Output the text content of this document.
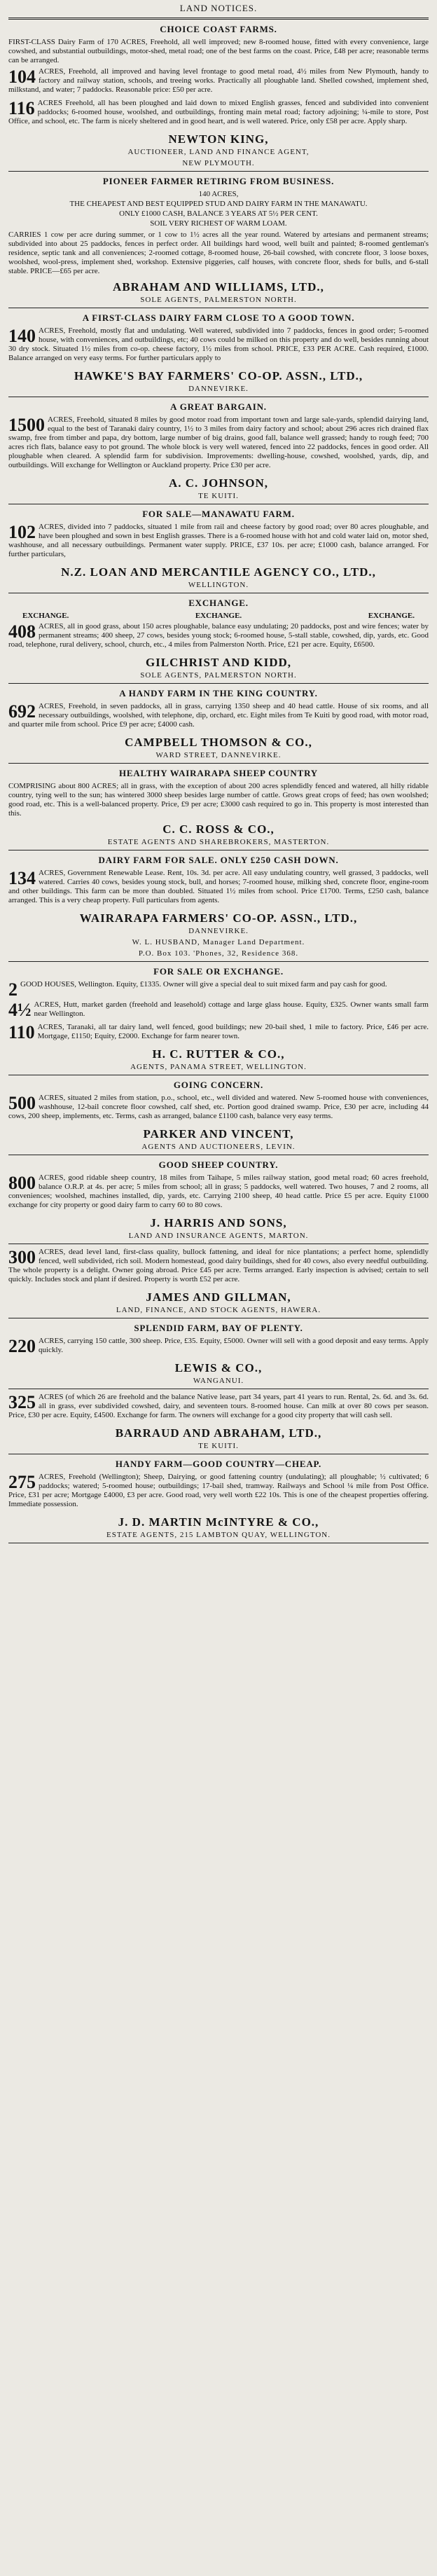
LAND NOTICES.
CHOICE COAST FARMS.

FIRST-CLASS Dairy Farm of 170 ACRES, Freehold, all well improved; new 8-roomed house, fitted with every convenience, large cowshed, and substantial outbuildings, motor-shed, metal road; one of the best farms on the coast. Price, £48 per acre; reasonable terms can be arranged.

104 ACRES, Freehold, all improved and having level frontage to good metal road, 4½ miles from New Plymouth, handy to factory and railway station, schools, and treeing works. Practically all ploughable land. Shelled cowshed, implement shed, milkstand, and water; 7 paddocks. Reasonable price: £50 per acre.

116 ACRES Freehold, all has been ploughed and laid down to mixed English grasses, fenced and subdivided into convenient paddocks; 6-roomed house, woolshed, and outbuildings, fronting main metal road; factory adjoining; ¼-mile to store, Post Office, and school, etc. The farm is nicely sheltered and in good heart, and is well watered. Price, only £58 per acre. Apply sharp.

NEWTON KING,
AUCTIONEER, LAND AND FINANCE AGENT,
NEW PLYMOUTH.
PIONEER FARMER RETIRING FROM BUSINESS.
140 ACRES,
THE CHEAPEST AND BEST EQUIPPED STUD AND DAIRY FARM IN THE MANAWATU.
ONLY £1000 CASH, BALANCE 3 YEARS AT 5½ PER CENT.
SOIL VERY RICHEST OF WARM LOAM.

CARRIES 1 cow per acre during summer, or 1 cow to 1½ acres all the year round. Watered by artesians and permanent streams; subdivided into about 25 paddocks, fences in perfect order. All buildings hard wood, well built and painted; 8-roomed gentleman's residence, septic tank and all conveniences; 2-roomed cottage, 8-roomed house, 26-bail cowshed, with concrete floor, 3 loose boxes, woolshed, wool-press, implement shed, workshop. Extensive piggeries, calf houses, with concrete floor, sheds for bulls, and 6-stall stable. PRICE—£65 per acre.

ABRAHAM AND WILLIAMS, LTD.,
SOLE AGENTS, PALMERSTON NORTH.
A FIRST-CLASS DAIRY FARM CLOSE TO A GOOD TOWN.

140 ACRES, Freehold, mostly flat and undulating. Well watered, subdivided into 7 paddocks, fences in good order; 5-roomed house, with conveniences, and outbuildings, etc; 40 cows could be milked on this property and do well, besides running about 30 dry stock. Situated 1½ miles from co-op. cheese factory, 1½ miles from school. PRICE, £33 PER ACRE. Cash required, £1000. Balance arranged on very easy terms. For further particulars apply to

HAWKE'S BAY FARMERS' CO-OP. ASSN., LTD.,
DANNEVIRKE.
A GREAT BARGAIN.

1500 ACRES, Freehold, situated 8 miles by good motor road from important town and large sale-yards, splendid dairying land, equal to the best of Taranaki dairy country, 1½ to 3 miles from dairy factory and school; about 296 acres rich drained flax swamp, free from timber and papa, dry bottom, large number of big drains, good fall, balance well grassed; handy to rough feed; 700 acres rich flats, balance easy to pot ground. The whole block is very well watered, fenced into 22 paddocks, fences in good order. All ploughable when cleared. A splendid farm for subdivision. Improvements: dwelling-house, cowshed, woolshed, yards, dip, and outbuildings. Will exchange for Wellington or Auckland property. Price £30 per acre.

A. C. JOHNSON,
TE KUITI.
FOR SALE—MANAWATU FARM.

102 ACRES, divided into 7 paddocks, situated 1 mile from rail and cheese factory by good road; over 80 acres ploughable, and have been ploughed and sown in best English grasses. There is a 6-roomed house with hot and cold water laid on, motor shed, washhouse, and all necessary outbuildings. Permanent water supply. PRICE, £37 10s. per acre; £1000 cash, balance arranged. For further particulars,

N.Z. LOAN AND MERCANTILE AGENCY CO., LTD.,
WELLINGTON.
EXCHANGE.
EXCHANGE.	EXCHANGE.	EXCHANGE.

408 ACRES, all in good grass, about 150 acres ploughable, balance easy undulating; 20 paddocks, post and wire fences; water by permanent streams; 400 sheep, 27 cows, besides young stock; 6-roomed house, 5-stall stable, cowshed, dip, yards, etc. Good road, telephone, rural delivery, school, church, etc., 4 miles from Palmerston North. Price, £21 per acre. Equity, £6500.

GILCHRIST AND KIDD,
SOLE AGENTS, PALMERSTON NORTH.
A HANDY FARM IN THE KING COUNTRY.

692 ACRES, Freehold, in seven paddocks, all in grass, carrying 1350 sheep and 40 head cattle. House of six rooms, and all necessary outbuildings, woolshed, with telephone, dip, orchard, etc. Eight miles from Te Kuiti by good road, with motor road, and quarter mile from school. Price £9 per acre; £4000 cash.

CAMPBELL THOMSON & CO.,
WARD STREET, DANNEVIRKE.
HEALTHY WAIRARAPA SHEEP COUNTRY

COMPRISING about 800 ACRES; all in grass, with the exception of about 200 acres splendidly fenced and watered, all hilly ridable country, tying well to the sun; has wintered 3000 sheep besides large number of cattle. Grows great crops of feed; has own woolshed; good road, etc. This is a well-balanced property. Price, £9 per acre; £3000 cash required to go in. This property is most interested than this.

C. C. ROSS & CO.,
ESTATE AGENTS AND SHAREBROKERS, MASTERTON.
DAIRY FARM FOR SALE. ONLY £250 CASH DOWN.

134 ACRES, Government Renewable Lease. Rent, 10s. 3d. per acre. All easy undulating country, well grassed, 3 paddocks, well watered. Carries 40 cows, besides young stock, bull, and horses; 7-roomed house, milking shed, concrete floor, engine-room and other buildings. This farm can be more than doubled. Situated 1½ miles from school. Price £1700. Terms, £250 cash, balance arranged. This is a very cheap property. Full particulars from agents.

WAIRARAPA FARMERS' CO-OP. ASSN., LTD.,
DANNEVIRKE.
W. L. HUSBAND, Manager Land Department.
P.O. Box 103. 'Phones, 32, Residence 368.
FOR SALE OR EXCHANGE.

2 GOOD HOUSES, Wellington. Equity, £1335. Owner will give a special deal to suit mixed farm and pay cash for good.

4½ ACRES, Hutt, market garden (freehold and leasehold) cottage and large glass house. Equity, £325. Owner wants small farm near Wellington.

110 ACRES, Taranaki, all tar dairy land, well fenced, good buildings; new 20-bail shed, 1 mile to factory. Price, £46 per acre. Mortgage, £1150; Equity, £2000. Exchange for farm nearer town.

H. C. RUTTER & CO.,
AGENTS, PANAMA STREET, WELLINGTON.
GOING CONCERN.

500 ACRES, situated 2 miles from station, p.o., school, etc., well divided and watered. New 5-roomed house with conveniences, washhouse, 12-bail concrete floor cowshed, calf shed, etc. Portion good drained swamp. Price, £30 per acre, including 44 cows, 200 sheep, implements, etc. Terms, cash as arranged, balance £1100 cash, balance very easy terms.

PARKER AND VINCENT,
AGENTS AND AUCTIONEERS, LEVIN.
GOOD SHEEP COUNTRY.

800 ACRES, good ridable sheep country, 18 miles from Taihape, 5 miles railway station, good metal road; 60 acres freehold, balance O.R.P. at 4s. per acre; 5 miles from school; all in grass; 5 paddocks, well watered. Two houses, 7 and 2 rooms, all conveniences; woolshed, machines installed, dip, yards, etc. Carrying 2100 sheep, 40 head cattle. Price £5 per acre. Equity £1000 exchange for city property or good dairy farm to carry 60 to 80 cows.

J. HARRIS AND SONS,
LAND AND INSURANCE AGENTS, MARTON.

300 ACRES, dead level land, first-class quality, bullock fattening, and ideal for nice plantations; a perfect home, splendidly fenced, well subdivided, rich soil. Modern homestead, good dairy buildings, shed for 40 cows, also every needful outbuilding. The whole property is a delight. Owner going abroad. Price £45 per acre. Terms arranged. Early inspection is advised; certain to sell quickly. Includes stock and plant if desired. Property is worth £52 per acre.

JAMES AND GILLMAN,
LAND, FINANCE, AND STOCK AGENTS, HAWERA.
SPLENDID FARM, BAY OF PLENTY.

220 ACRES, carrying 150 cattle, 300 sheep. Price, £35. Equity, £5000. Owner will sell with a good deposit and easy terms. Apply quickly.

LEWIS & CO.,
WANGANUI.

325 ACRES (of which 26 are freehold and the balance Native lease, part 34 years, part 41 years to run. Rental, 2s. 6d. and 3s. 6d. all in grass, ever subdivided cowshed, dairy, and seventeen tours. 8-roomed house. Can milk at over 80 cows per season. Price, £30 per acre. Equity, £4500. Exchange for farm. The owners will exchange for a good city property that will cash sell.

BARRAUD AND ABRAHAM, LTD.,
TE KUITI.
HANDY FARM—GOOD COUNTRY—CHEAP.

275 ACRES, Freehold (Wellington); Sheep, Dairying, or good fattening country (undulating); all ploughable; ½ cultivated; 6 paddocks; watered; 5-roomed house; outbuildings; 17-bail shed, tramway. Railways and School ¼ mile from Post Office. Price, £31 per acre; Mortgage £4000, £3 per acre. Good road, very well worth £22 10s. This is one of the cheapest properties offering. Immediate possession.

J. D. MARTIN McINTYRE & CO.,
ESTATE AGENTS, 215 LAMBTON QUAY, WELLINGTON.
